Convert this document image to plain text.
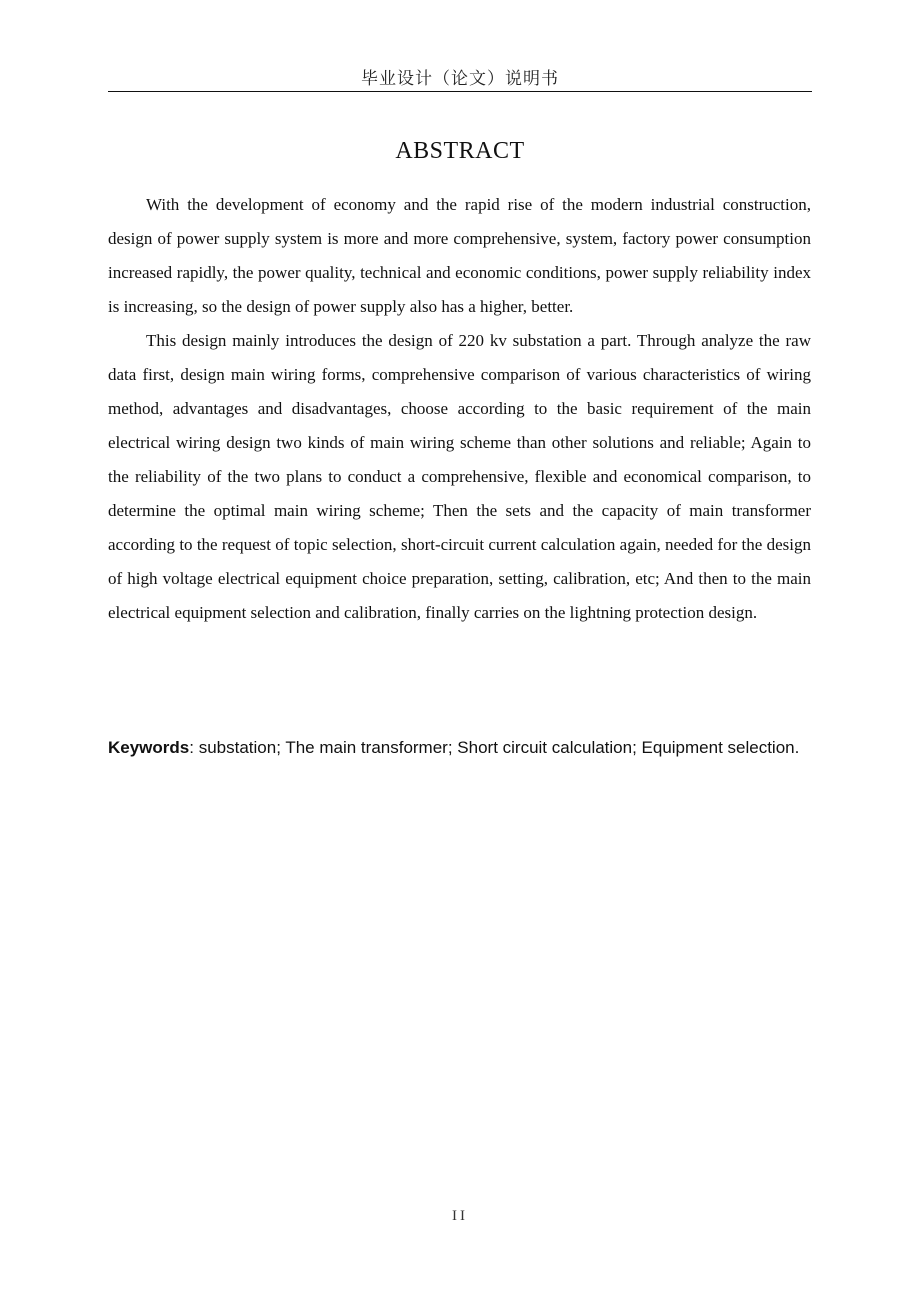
毕业设计（论文）说明书
ABSTRACT

With the development of economy and the rapid rise of the modern industrial construction, design of power supply system is more and more comprehensive, system, factory power consumption increased rapidly, the power quality, technical and economic conditions, power supply reliability index is increasing, so the design of power supply also has a higher, better.

This design mainly introduces the design of 220 kv substation a part. Through analyze the raw data first, design main wiring forms, comprehensive comparison of various characteristics of wiring method, advantages and disadvantages, choose according to the basic requirement of the main electrical wiring design two kinds of main wiring scheme than other solutions and reliable; Again to the reliability of the two plans to conduct a comprehensive, flexible and economical comparison, to determine the optimal main wiring scheme; Then the sets and the capacity of main transformer according to the request of topic selection, short-circuit current calculation again, needed for the design of high voltage electrical equipment choice preparation, setting, calibration, etc; And then to the main electrical equipment selection and calibration, finally carries on the lightning protection design.

Keywords: substation; The main transformer; Short circuit calculation; Equipment selection.
II
